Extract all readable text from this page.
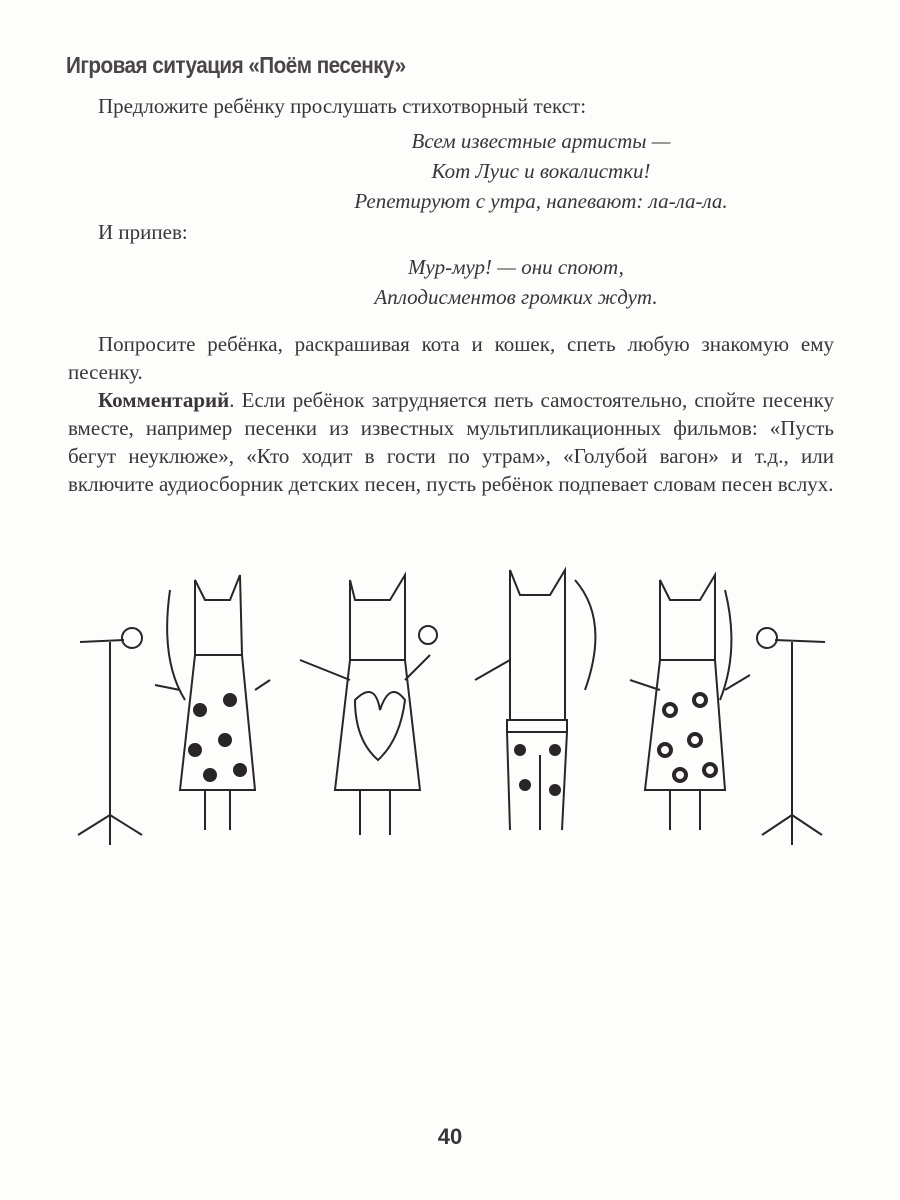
Игровая ситуация «Поём песенку»

Предложите ребёнку прослушать стихотворный текст:

Всем известные артисты —
Кот Луис и вокалистки!
Репетируют с утра, напевают: ла-ла-ла.

И припев:

Мур-мур! — они споют,
Аплодисментов громких ждут.

Попросите ребёнка, раскрашивая кота и кошек, спеть любую знакомую ему песенку.

Комментарий. Если ребёнок затрудняется петь самостоятельно, спойте песенку вместе, например песенки из известных мультипликационных фильмов: «Пусть бегут неуклюже», «Кто ходит в гости по утрам», «Голубой вагон» и т.д., или включите аудиосборник детских песен, пусть ребёнок подпевает словам песен вслух.

40
